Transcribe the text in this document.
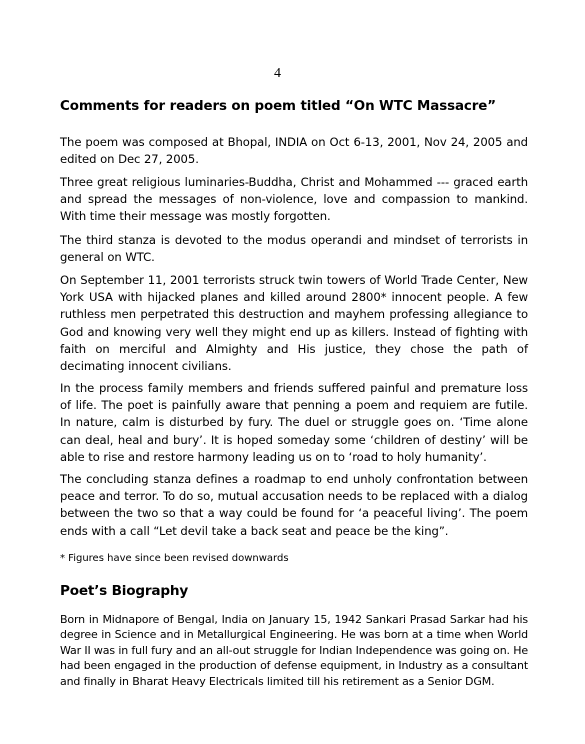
4
Comments for readers on poem titled “On WTC Massacre”
The poem was composed at Bhopal, INDIA on Oct 6-13, 2001, Nov 24, 2005 and edited on Dec 27, 2005.
Three great religious luminaries-Buddha, Christ and Mohammed --- graced earth and spread the messages of non-violence, love and compassion to mankind. With time their message was mostly forgotten.
The third stanza is devoted to the modus operandi and mindset of terrorists in general on WTC.
On September 11, 2001 terrorists struck twin towers of World Trade Center, New York USA with hijacked planes and killed around 2800* innocent people. A few ruthless men perpetrated this destruction and mayhem professing allegiance to God and knowing very well they might end up as killers. Instead of fighting with faith on merciful and Almighty and His justice, they chose the path of decimating innocent civilians.
In the process family members and friends suffered painful and premature loss of life. The poet is painfully aware that penning a poem and requiem are futile. In nature, calm is disturbed by fury. The duel or struggle goes on. ‘Time alone can deal, heal and bury’. It is hoped someday some ‘children of destiny’ will be able to rise and restore harmony leading us on to ‘road to holy humanity’.
The concluding stanza defines a roadmap to end unholy confrontation between peace and terror. To do so, mutual accusation needs to be replaced with a dialog between the two so that a way could be found for ‘a peaceful living’. The poem ends with a call “Let devil take a back seat and peace be the king”.
* Figures have since been revised downwards
Poet’s Biography
Born in Midnapore of Bengal, India on January 15, 1942 Sankari Prasad Sarkar had his degree in Science and in Metallurgical Engineering. He was born at a time when World War II was in full fury and an all-out struggle for Indian Independence was going on. He had been engaged in the production of defense equipment, in Industry as a consultant and finally in Bharat Heavy Electricals limited till his retirement as a Senior DGM.
